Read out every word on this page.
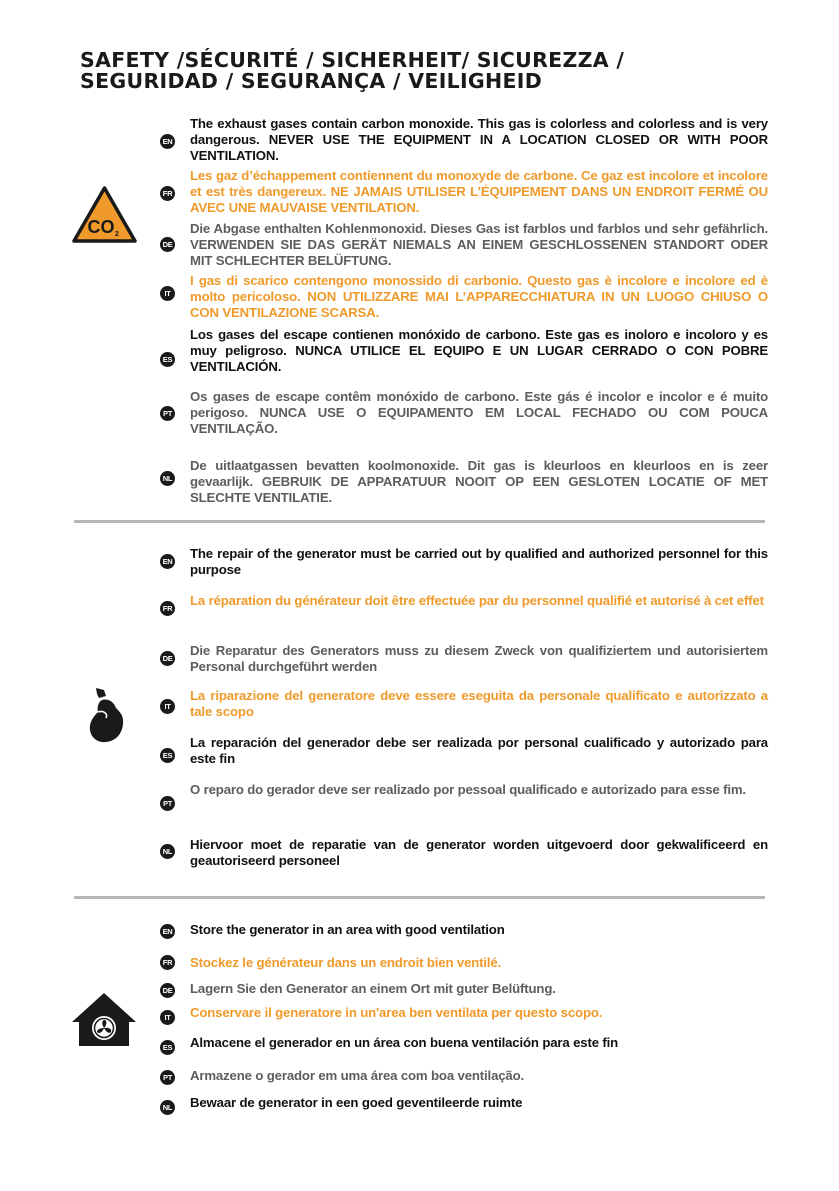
SAFETY /SÉCURITÉ / SICHERHEIT/ SICUREZZA /
SEGURIDAD / SEGURANÇA / VEILIGHEID
CO 2
EN
The exhaust gases contain carbon monoxide. This gas is colorless and colorless and is very dangerous. NEVER USE THE EQUIPMENT IN A LOCATION CLOSED OR WITH POOR VENTILATION.
FR
Les gaz d’échappement contiennent du monoxyde de carbone. Ce gaz est incolore et incolore et est très dangereux. NE JAMAIS UTILISER L’ÉQUIPEMENT DANS UN ENDROIT FERMÉ OU AVEC UNE MAUVAISE VENTILATION.
DE
Die Abgase enthalten Kohlenmonoxid. Dieses Gas ist farblos und farblos und sehr gefährlich. VERWENDEN SIE DAS GERÄT NIEMALS AN EINEM GESCHLOSSENEN STANDORT ODER MIT SCHLECHTER BELÜFTUNG.
IT
I gas di scarico contengono monossido di carbonio. Questo gas è incolore e incolore ed è molto pericoloso. NON UTILIZZARE MAI L’APPARECCHIATURA IN UN LUOGO CHIUSO O CON VENTILAZIONE SCARSA.
ES
Los gases del escape contienen monóxido de carbono. Este gas es inoloro e incoloro y es muy peligroso. NUNCA UTILICE EL EQUIPO E UN LUGAR CERRADO O CON POBRE VENTILACIÓN.
PT
Os gases de escape contêm monóxido de carbono. Este gás é incolor e incolor e é muito perigoso. NUNCA USE O EQUIPAMENTO EM LOCAL FECHADO OU COM POUCA VENTILAÇÃO.
NL
De uitlaatgassen bevatten koolmonoxide. Dit gas is kleurloos en kleurloos en is zeer gevaarlijk. GEBRUIK DE APPARATUUR NOOIT OP EEN GESLOTEN LOCATIE OF MET SLECHTE VENTILATIE.
EN
The repair of the generator must be carried out by qualified and authorized personnel for this purpose
FR
La réparation du générateur doit être effectuée par du personnel qualifié et autorisé à cet effet
DE
Die Reparatur des Generators muss zu diesem Zweck von qualifiziertem und autorisiertem Personal durchgeführt werden
IT
La riparazione del generatore deve essere eseguita da personale qualificato e autorizzato a tale scopo
ES
La reparación del generador debe ser realizada por personal cualificado y autorizado para este fin
PT
O reparo do gerador deve ser realizado por pessoal qualificado e autorizado para esse fim.
NL Hiervoor moet de reparatie van de generator worden uitgevoerd door gekwalificeerd en geautoriseerd personeel
EN Store the generator in an area with good ventilation
FR Stockez le générateur dans un endroit bien ventilé.
DE Lagern Sie den Generator an einem Ort mit guter Belüftung.
IT	Conservare il generatore in un'area ben ventilata per questo scopo.
ES Almacene el generador en un área con buena ventilación para este fin
PT Armazene o gerador em uma área com boa ventilação.
NL Bewaar de generator in een goed geventileerde ruimte
